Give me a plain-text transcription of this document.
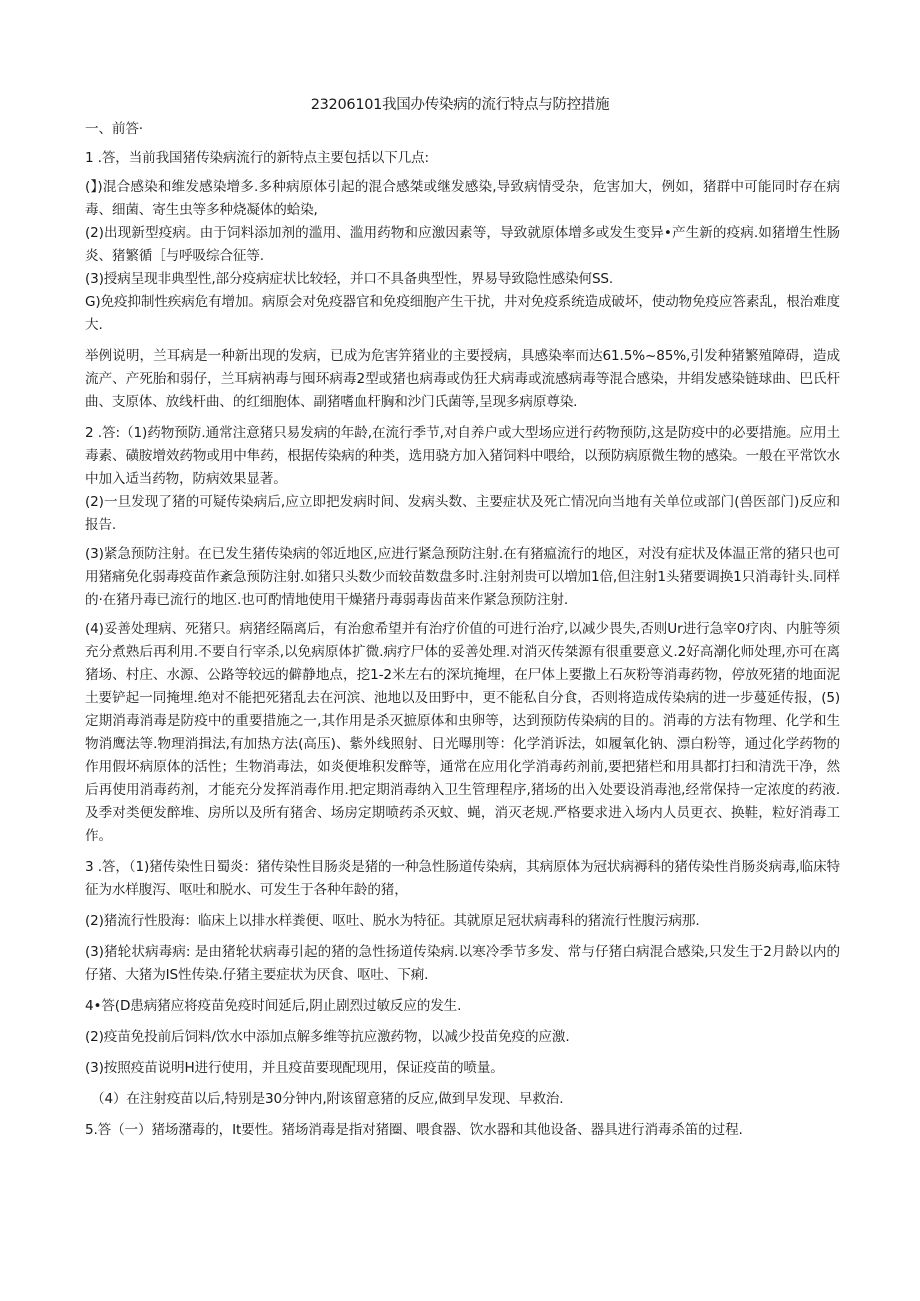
23206101我国办传染病的流行特点与防控措施

一、前答·

1 .答，当前我国猪传染病流行的新特点主要包括以下几点:

(】)混合感染和维发感染增多.多种病原体引起的混合感桀或继发感染,导致病情受杂，危害加大，例如，猪群中可能同时存在病毒、细菌、寄生虫等多种烧凝体的蛤染,

(2)出现新型疫病。由于饲料添加剂的滥用、滥用药物和应激因素等，导致就原体增多或发生变异•产生新的疫病.如猪增生性肠炎、猪繁循［与呼吸综合征等.

(3)授病呈现非典型性,部分疫病症状比较轻，并口不具备典型性，界易导致隐性感染何SS.

G)免疫抑制性疾病危有增加。病原会对免疫器官和免疫细胞产生干扰，井对免疫系统造成破坏，使动物免疫应答素乱，根治难度大.

举例说明，兰耳病是一种新出现的发病，已成为危害笄猪业的主要授病，具感染率而达61.5%~85%,引发种猪繁殖障碍，造成流产、产死胎和弱仔，兰耳病衲毒与囤环病毒2型或猪也病毒或伪狂犬病毒或流感病毒等混合感染，井绢发感染链球曲、巴氏杆曲、支原体、放线杆曲、的红细胞体、副猪嗜血杆胸和沙门氏菌等,呈现多病原尊染.

2 .答:（1)药物预防.通常注意猪只易发病的年龄,在流行季节,对自养户或大型场应迸行药物预防,这是防疫中的必要措施。应用土毒素、磺胺增效药物或用中隼药，根据传染病的种类，选用骁方加入猪饲料中喂给，以预防病原微生物的感染。一般在平常饮水中加入适当药物，防病效果显著。

(2)一旦发现了猪的可疑传染病后,应立即把发病时间、发病头数、主要症状及死亡情况向当地有关单位或部门(兽医部门)反应和报告.

(3)紧急预防注射。在已发生猪传染病的邻近地区,应进行紧急预防注射.在有猪瘟流行的地区，对没有症状及体温正常的猪只也可用猪痛免化弱毒疫苗作紊急预防注射.如猪只头数少而较苗数盘多时.注射剂贵可以増加1倍,但注射1头猪要调换1只消毒针头.同样的·在猪丹毒已流行的地区.也可酌情地使用干燥猪丹毒弱毒齿苗来作紧急预防注射.

(4)妥善处理病、死猪只。病猪经隔离后，有治愈希望并有治疗价值的可进行治疗,以减少畏失,否则Ur进行急宰0疗肉、内脏等须充分煮熟后再利用.不要自行宰杀,以免病原体扩微.病疗尸体的妥善处理.对消灭传桀源有很重要意义.2好高潮化师处理,亦可在离猪场、村庄、水源、公路等较远的僻静地点，挖1-2米左右的深坑掩埋，在尸体上要撒上石灰粉等消毒药物，停放死猪的地面泥土要铲起一同掩埋.绝对不能把死猪乱去在河滨、池地以及田野中，更不能私自分食，否则将造成传染病的进一步蔓延传报，(5)定期消毒消毒是防疫中的重要措施之一,其作用是杀灭摭原体和虫卵等，达到预防传染病的目的。消毒的方法有物理、化学和生物消鹰法等.物理消揖法,有加热方法(高压)、紫外线照射、日光曝刖等：化学消诉法，如履氧化钠、漂白粉等，通过化学药物的作用假坏病原体的活性；生物消毒法，如炎便堆积发醉等，通常在应用化学消毒药剂前,要把猪栏和用具都打扫和清洗干净，然后再使用消毒药剂，才能充分发挥消毒作用.把定期消毒纳入卫生管理程序,猪场的出入处要设消毒池,经常保持一定浓度的药液.及季对类便发醉堆、房所以及所有猪舍、场房定期喷药杀灭蚊、蝇，消灭老规.严格要求进入场内人员更衣、换鞋，粒好消毒工作。

3 .答，（1)猪传染性日蜀炎：猪传染性目肠炎是猪的一种急性肠道传染病，其病原体为冠状病褥科的猪传染性肖肠炎病毒,临床特征为水样腹泻、呕吐和脱水、可发生于各种年龄的猪，

(2)猪流行性股海：临床上以排水样粪便、呕吐、脱水为特征。其就原足冠状病毒科的猪流行性腹污病那.

(3)猪轮状病毒病: 是由猪轮状病毒引起的猪的急性扬道传染病.以寒冷季节多发、常与仔猪白病混合感染,只发生于2月龄以内的仔猪、大猪为IS性传染.仔猪主要症状为厌食、呕吐、下痢.

4•答(D患病猪应将疫苗免疫时间延后,阴止剧烈过敏反应的发生.

(2)疫苗免投前后饲料/饮水中添加点解多维等抗应激药物，以减少投苗免疫的应激.

(3)按照疫苗说明H进行使用，并且疫苗要现配现用，保证疫苗的喷量。

（4）在注射疫苗以后,特别是30分钟内,附该留意猪的反应,做到早发现、早救治.

5.答（一）猪场潴毒的，It要性。猪场消毒是指对猪圈、喂食器、饮水器和其他设备、器具进行消毒杀笛的过程.
